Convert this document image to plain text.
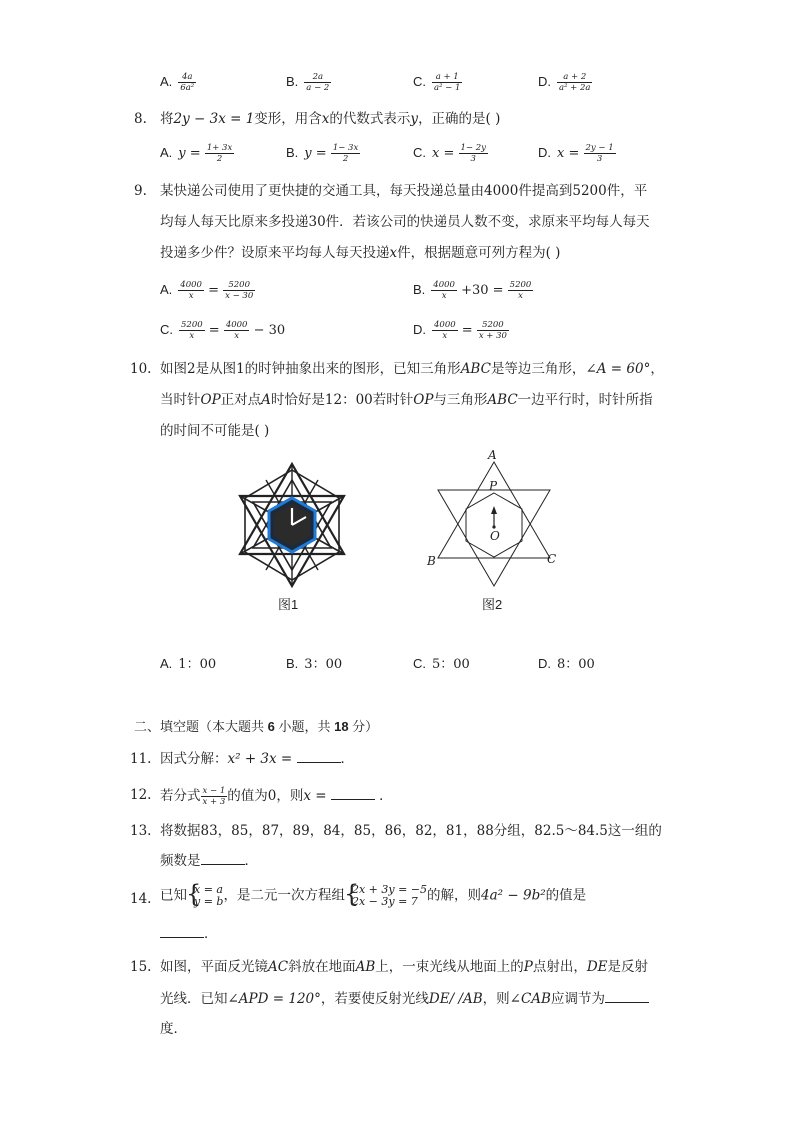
A. $\frac{4a}{\text{6a²}}$	B. $\frac{2a}{a - 2}$	C. $\frac{a + 1}{\text{a² − 1}}$	D. $\frac{a + 2}{\text{a² + 2a}}$
8. 将2y − 3x = 1变形，用含x的代数式表示y，正确的是( )
A. $y = \frac{1+ 3x}{2}$	B. $y = \frac{1- 3x}{2}$	C. $x = \frac{1- 2y}{3}$	D. $x = \frac{2y - 1}{3}$
9. 某快递公司使用了更快捷的交通工具，每天投递总量由4000件提高到5200件，平
均每人每天比原来多投递30件．若该公司的快递员人数不变，求原来平均每人每天
投递多少件？设原来平均每人每天投递x件，根据题意可列方程为( )
A. $\frac{4000}{x} = \frac{5200}{x - 30}$	B. $\frac{4000}{x} +30 = \frac{5200}{x}$
C. $\frac{5200}{x} = \frac{4000}{x} - 30$	D. $\frac{4000}{x} = \frac{5200}{x + 30}$
10. 如图2是从图1的时钟抽象出来的图形，已知三角形ABC是等边三角形，∠A = 60°，
当时针OP正对点A时恰好是12：00若时针OP与三角形ABC一边平行时，时针所指
的时间不可能是( )
图1
A
P
O
B	C
图2
A. 1：00	B. 3：00	C. 5：00	D. 8：00
二、填空题（本大题共 6 小题，共 18 分）
11. 因式分解：x² + 3x =	．
12. 若分式 $\frac{x - 1}{x + 3}$ 的值为0，则x =	．
13. 将数据83，85，87，89，84，85，86，82，81，88分组，82.5～84.5这一组的
频数是	．
14. 已知 { x = a
y = b ，是二元一次方程组 { 2x + 3y = −5
2x − 3y = 7 的解，则4a² − 9b²的值是
．
15. 如图，平面反光镜AC斜放在地面AB上，一束光线从地面上的P点射出，DE是反射
光线．已知∠APD = 120°，若要使反射光线DE/ /AB，则∠CAB应调节为
度．
